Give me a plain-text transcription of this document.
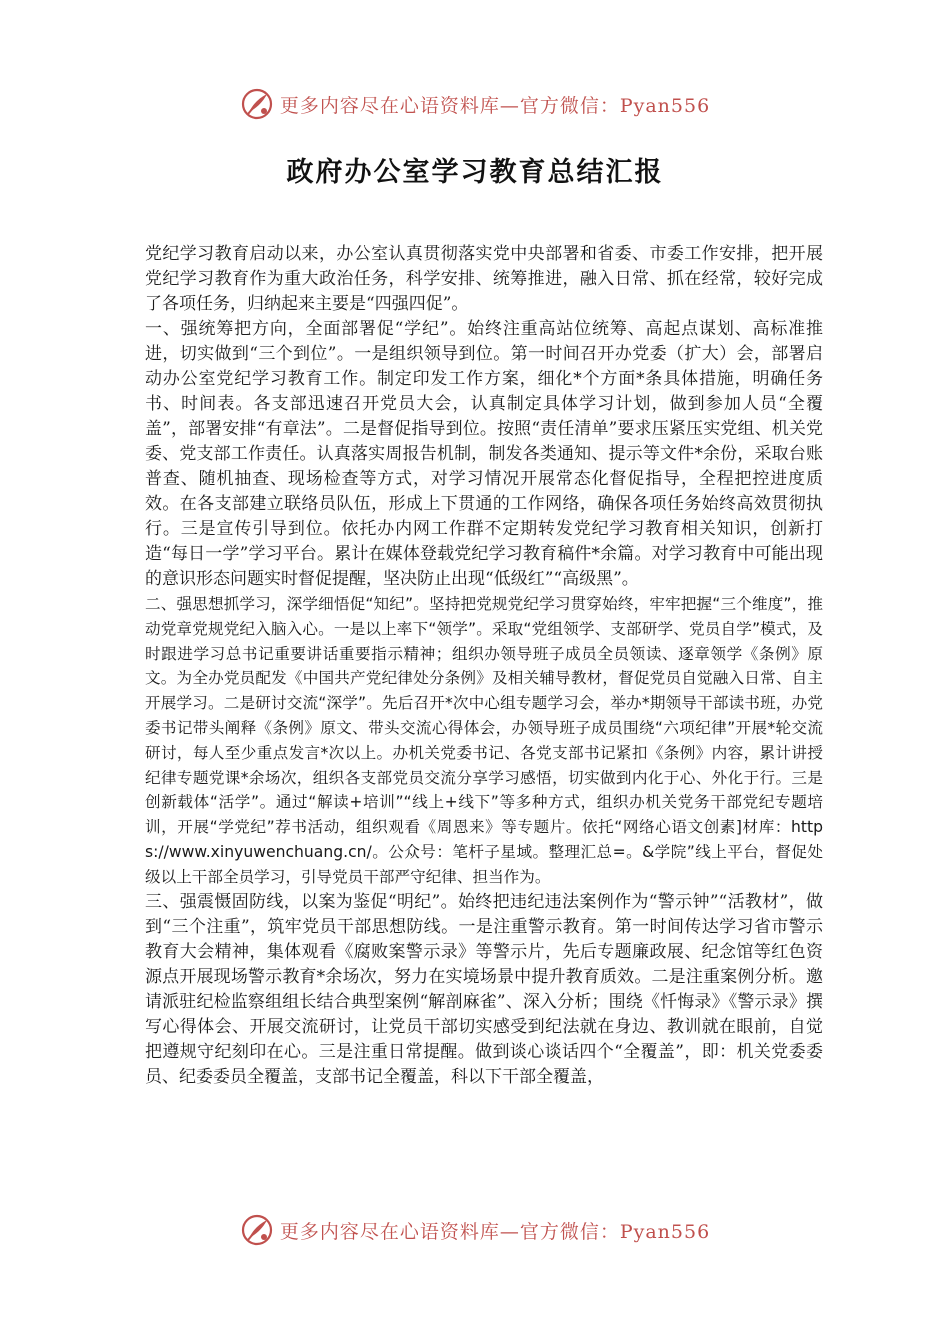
更多内容尽在心语资料库—官方微信：Pyan556
政府办公室学习教育总结汇报

党纪学习教育启动以来，办公室认真贯彻落实党中央部署和省委、市委工作安排，把开展党纪学习教育作为重大政治任务，科学安排、统筹推进，融入日常、抓在经常，较好完成了各项任务，归纳起来主要是“四强四促”。

一、强统筹把方向，全面部署促“学纪”。始终注重高站位统筹、高起点谋划、高标准推进，切实做到“三个到位”。一是组织领导到位。第一时间召开办党委（扩大）会，部署启动办公室党纪学习教育工作。制定印发工作方案，细化*个方面*条具体措施，明确任务书、时间表。各支部迅速召开党员大会，认真制定具体学习计划，做到参加人员“全覆盖”，部署安排“有章法”。二是督促指导到位。按照“责任清单”要求压紧压实党组、机关党委、党支部工作责任。认真落实周报告机制，制发各类通知、提示等文件*余份，采取台账普查、随机抽查、现场检查等方式，对学习情况开展常态化督促指导，全程把控进度质效。在各支部建立联络员队伍，形成上下贯通的工作网络，确保各项任务始终高效贯彻执行。三是宣传引导到位。依托办内网工作群不定期转发党纪学习教育相关知识，创新打造“每日一学”学习平台。累计在媒体登载党纪学习教育稿件*余篇。对学习教育中可能出现的意识形态问题实时督促提醒，坚决防止出现“低级红”“高级黑”。

二、强思想抓学习，深学细悟促“知纪”。坚持把党规党纪学习贯穿始终，牢牢把握“三个维度”，推动党章党规党纪入脑入心。一是以上率下“领学”。采取“党组领学、支部研学、党员自学”模式，及时跟进学习总书记重要讲话重要指示精神；组织办领导班子成员全员领读、逐章领学《条例》原文。为全办党员配发《中国共产党纪律处分条例》及相关辅导教材，督促党员自觉融入日常、自主开展学习。二是研讨交流“深学”。先后召开*次中心组专题学习会，举办*期领导干部读书班，办党委书记带头阐释《条例》原文、带头交流心得体会，办领导班子成员围绕“六项纪律”开展*轮交流研讨，每人至少重点发言*次以上。办机关党委书记、各党支部书记紧扣《条例》内容，累计讲授纪律专题党课*余场次，组织各支部党员交流分享学习感悟，切实做到内化于心、外化于行。三是创新载体“活学”。通过“解读+培训”“线上+线下”等多种方式，组织办机关党务干部党纪专题培训，开展“学党纪”荐书活动，组织观看《周恩来》等专题片。依托“网络心语文创素]材库：https://www.xinyuwenchuang.cn/。公众号：笔杆子星域。整理汇总=。&学院”线上平台，督促处级以上干部全员学习，引导党员干部严守纪律、担当作为。

三、强震慑固防线，以案为鉴促“明纪”。始终把违纪违法案例作为“警示钟”“活教材”，做到“三个注重”，筑牢党员干部思想防线。一是注重警示教育。第一时间传达学习省市警示教育大会精神，集体观看《腐败案警示录》等警示片，先后专题廉政展、纪念馆等红色资源点开展现场警示教育*余场次，努力在实境场景中提升教育质效。二是注重案例分析。邀请派驻纪检监察组组长结合典型案例“解剖麻雀”、深入分析；围绕《忏悔录》《警示录》撰写心得体会、开展交流研讨，让党员干部切实感受到纪法就在身边、教训就在眼前，自觉把遵规守纪刻印在心。三是注重日常提醒。做到谈心谈话四个“全覆盖”，即：机关党委委员、纪委委员全覆盖，支部书记全覆盖，科以下干部全覆盖，

更多内容尽在心语资料库—官方微信：Pyan556
